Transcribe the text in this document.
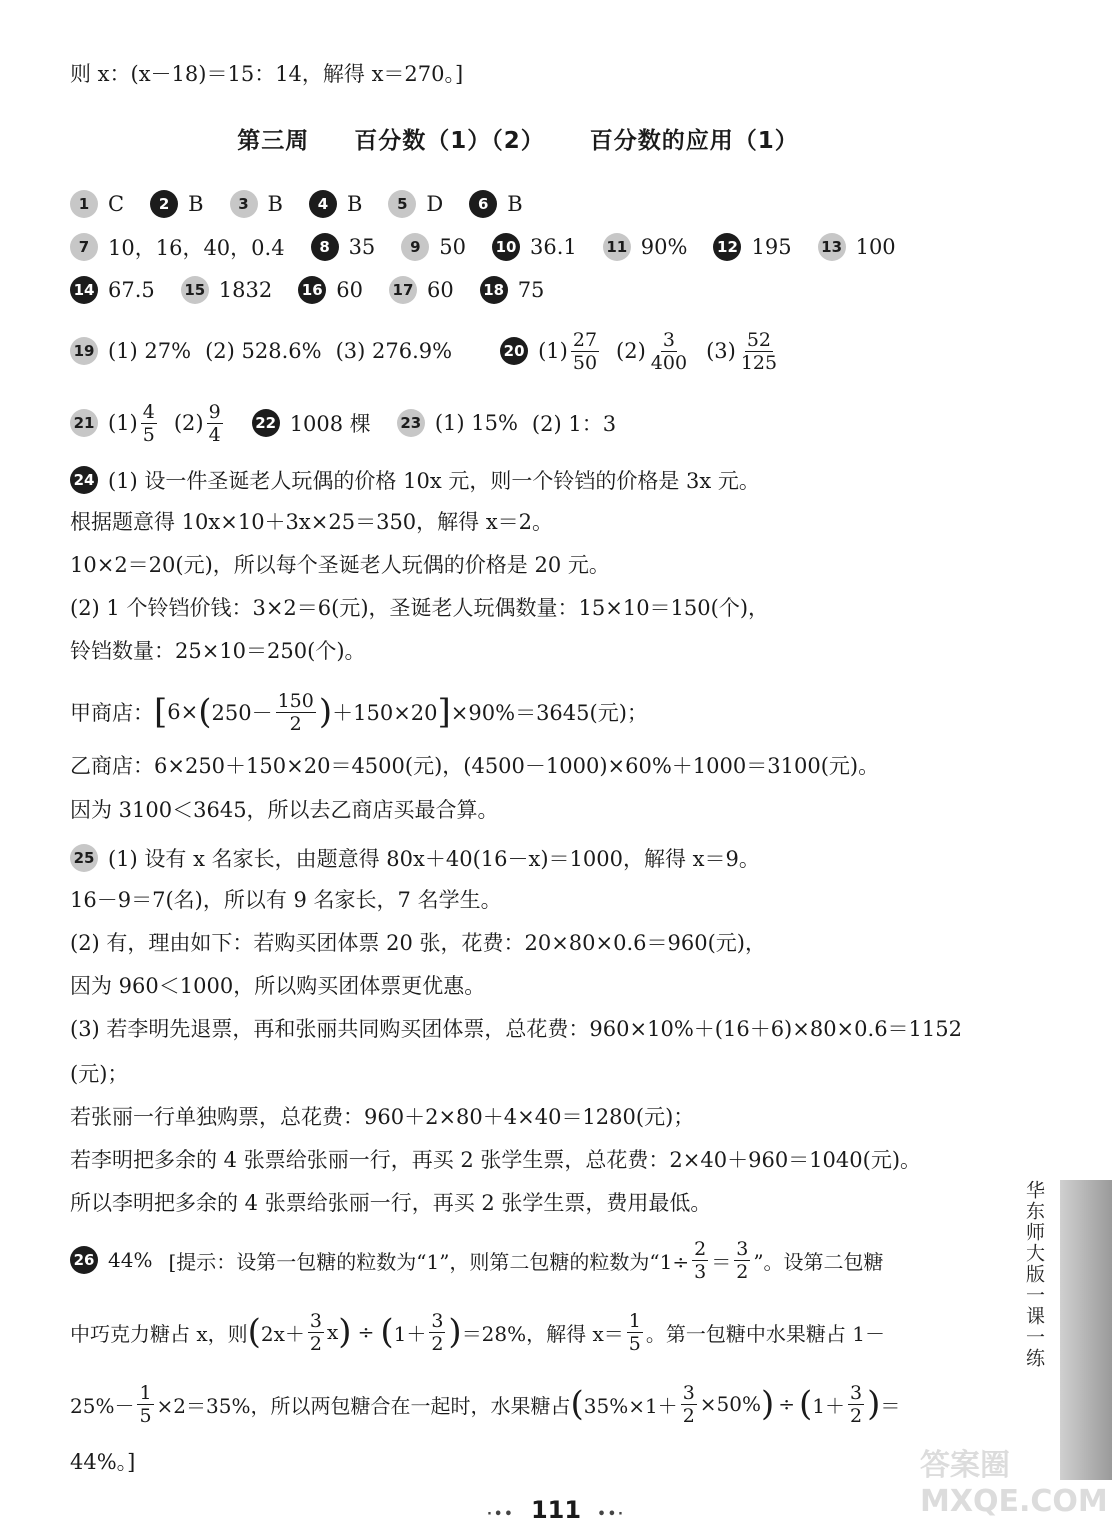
则 x：(x－18)＝15：14，解得 x＝270。]
第三周 百分数（1）（2） 百分数的应用（1）
1 C	2 B	3 B	4 B	5 D	6 B
7 10，16，40，0.4	8 35	9 50 10 36.1 11 90% 12 195 13 100
14 67.5 15 1832 16 60 17 60 18 75
19 (1) 27% (2) 528.6% (3) 276.9%	20 $(1) \frac{27}{50} (2) \frac{3}{400} (3) \frac{52}{125}$
21 $(1) \frac{4}{5} (2) \frac{9}{4} 22$ 1008 棵 23 (1) 15% (2) 1：3
24 (1) 设一件圣诞老人玩偶的价格 10x 元，则一个铃铛的价格是 3x 元。
根据题意得 10x×10＋3x×25＝350，解得 x＝2。
10×2＝20(元)，所以每个圣诞老人玩偶的价格是 20 元。
(2) 1 个铃铛价钱：3×2＝6(元)，圣诞老人玩偶数量：15×10＝150(个)，
铃铛数量：25×10＝250(个)。
甲商店： [ 6× ( $250- \frac{150}{2}$ ) ＋150×20 ] ×90%＝3645(元)；
乙商店：6×250＋150×20＝4500(元)，(4500－1000)×60%＋1000＝3100(元)。
因为 3100＜3645，所以去乙商店买最合算。
25 (1) 设有 x 名家长，由题意得 80x＋40(16－x)＝1000，解得 x＝9。
16－9＝7(名)，所以有 9 名家长，7 名学生。
(2) 有，理由如下：若购买团体票 20 张，花费：20×80×0.6＝960(元)，
因为 960＜1000，所以购买团体票更优惠。
(3) 若李明先退票，再和张丽共同购买团体票，总花费：960×10%＋(16＋6)×80×0.6＝1152
(元)；
若张丽一行单独购票，总花费：960＋2×80＋4×40＝1280(元)；
若李明把多余的 4 张票给张丽一行，再买 2 张学生票，总花费：2×40＋960＝1040(元)。
所以李明把多余的 4 张票给张丽一行，再买 2 张学生票，费用最低。
26 44% [提示：设第一包糖的粒数为“1”，则第二包糖的粒数为“$1\div \frac{2}{3} = \frac{3}{2}$ ”。设第二包糖
中巧克力糖占 x，则 ( $2x+ \frac{3}{2}$ x ) ÷ ( $1+ \frac{3}{2}$ ) ＝28%，解得 $x= \frac{1}{5}$ 。第一包糖中水果糖占 1－
$25\%- \frac{1}{5} \times 2=35\%$，所以两包糖合在一起时，水果糖占 ( $35\%\times 1+ \frac{3}{2} \times 50\%$ ) ÷ ( $1+ \frac{3}{2}$ ) ＝
44%。]
华东师大版一课一练
·•• 111 ••·
答案圈 MXQE.COM
